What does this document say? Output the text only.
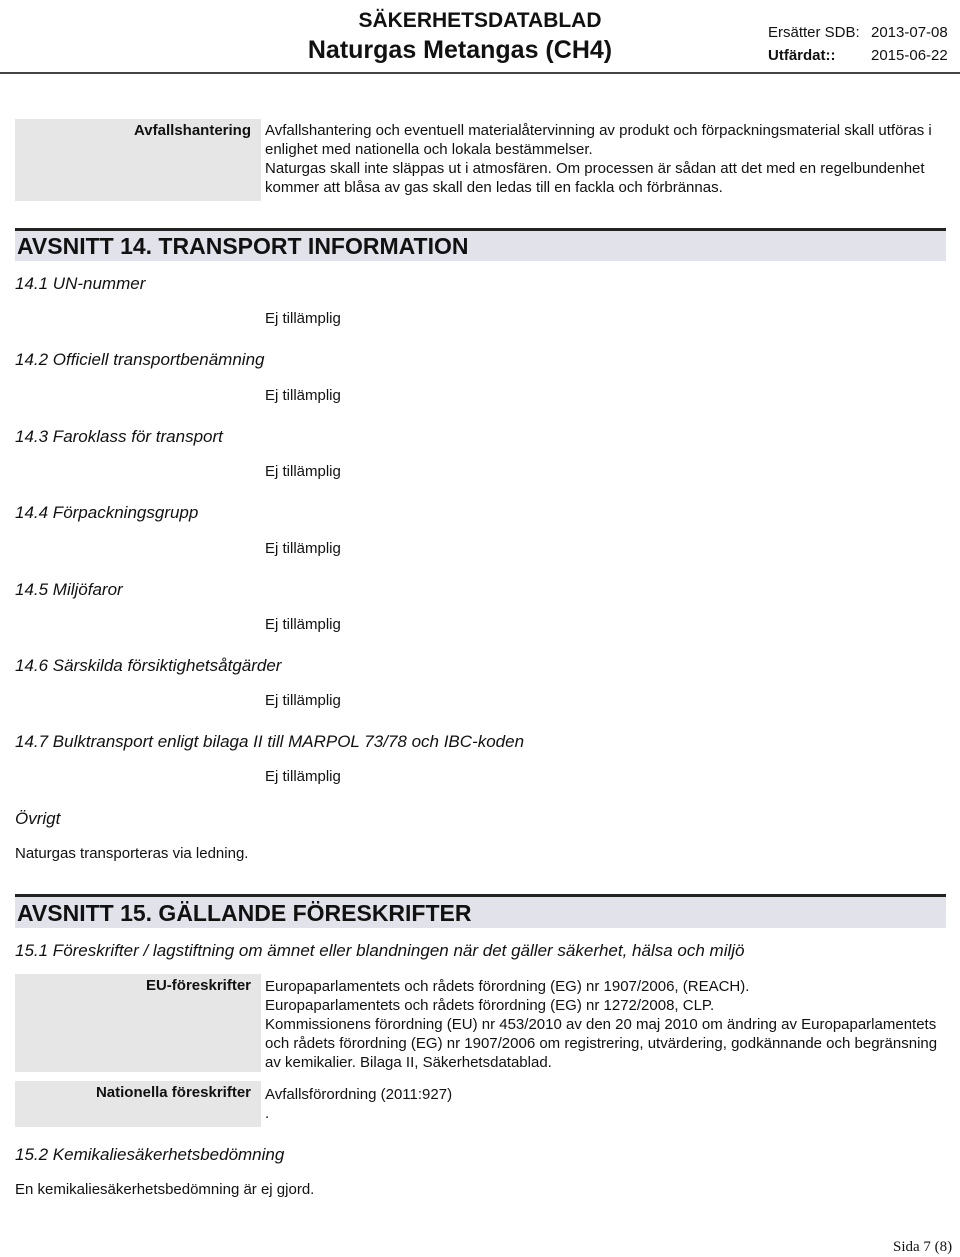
SÄKERHETSDATABLAD
Naturgas Metangas (CH4)
Ersätter SDB: 2013-07-08
Utfärdat:: 2015-06-22
Avfallshantering Avfallshantering och eventuell materialåtervinning av produkt och förpackningsmaterial skall utföras i
enlighet med nationella och lokala bestämmelser.
Naturgas skall inte släppas ut i atmosfären. Om processen är sådan att det med en regelbundenhet
kommer att blåsa av gas skall den ledas till en fackla och förbrännas.
AVSNITT 14. TRANSPORT INFORMATION
14.1 UN-nummer
Ej tillämplig
14.2 Officiell transportbenämning
Ej tillämplig
14.3 Faroklass för transport
Ej tillämplig
14.4 Förpackningsgrupp
Ej tillämplig
14.5 Miljöfaror
Ej tillämplig
14.6 Särskilda försiktighetsåtgärder
Ej tillämplig
14.7 Bulktransport enligt bilaga II till MARPOL 73/78 och IBC-koden
Ej tillämplig
Övrigt
Naturgas transporteras via ledning.
AVSNITT 15. GÄLLANDE FÖRESKRIFTER
15.1 Föreskrifter / lagstiftning om ämnet eller blandningen när det gäller säkerhet, hälsa och miljö
EU-föreskrifter Europaparlamentets och rådets förordning (EG) nr 1907/2006, (REACH).
Europaparlamentets och rådets förordning (EG) nr 1272/2008, CLP.
Kommissionens förordning (EU) nr 453/2010 av den 20 maj 2010 om ändring av Europaparlamentets
och rådets förordning (EG) nr 1907/2006 om registrering, utvärdering, godkännande och begränsning
av kemikalier. Bilaga II, Säkerhetsdatablad.
Nationella föreskrifter Avfallsförordning (2011:927)
.
15.2 Kemikaliesäkerhetsbedömning
En kemikaliesäkerhetsbedömning är ej gjord.
Sida 7 (8)
